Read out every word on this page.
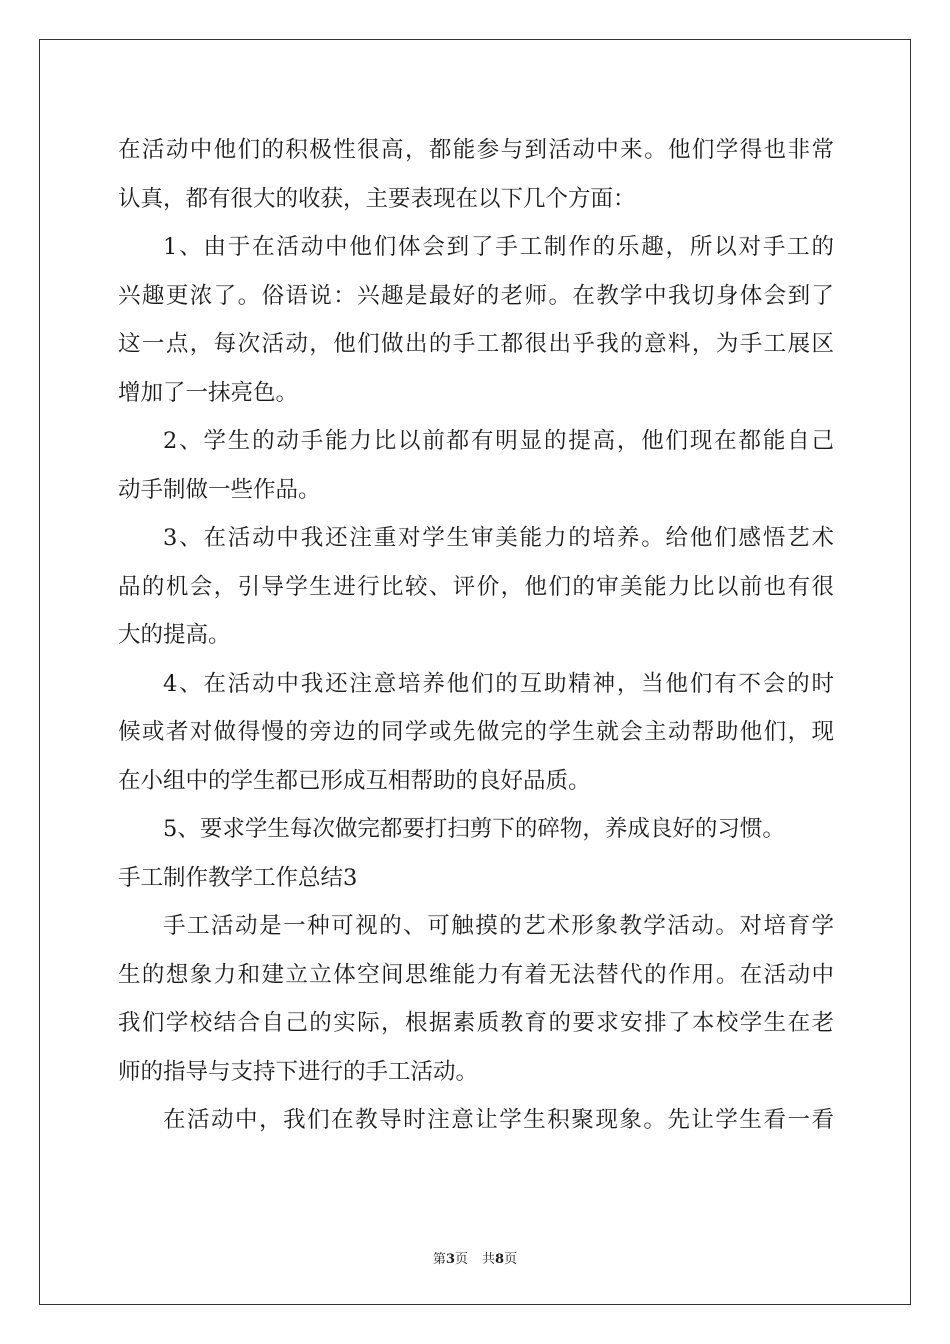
在活动中他们的积极性很高，都能参与到活动中来。他们学得也非常
认真，都有很大的收获，主要表现在以下几个方面：
1、由于在活动中他们体会到了手工制作的乐趣，所以对手工的
兴趣更浓了。俗语说：兴趣是最好的老师。在教学中我切身体会到了
这一点，每次活动，他们做出的手工都很出乎我的意料，为手工展区
增加了一抹亮色。
2、学生的动手能力比以前都有明显的提高，他们现在都能自己
动手制做一些作品。
3、在活动中我还注重对学生审美能力的培养。给他们感悟艺术
品的机会，引导学生进行比较、评价，他们的审美能力比以前也有很
大的提高。
4、在活动中我还注意培养他们的互助精神，当他们有不会的时
候或者对做得慢的旁边的同学或先做完的学生就会主动帮助他们，现
在小组中的学生都已形成互相帮助的良好品质。
5、要求学生每次做完都要打扫剪下的碎物，养成良好的习惯。
手工制作教学工作总结3
手工活动是一种可视的、可触摸的艺术形象教学活动。对培育学
生的想象力和建立立体空间思维能力有着无法替代的作用。在活动中
我们学校结合自己的实际，根据素质教育的要求安排了本校学生在老
师的指导与支持下进行的手工活动。
在活动中，我们在教导时注意让学生积聚现象。先让学生看一看
第3页 共8页
